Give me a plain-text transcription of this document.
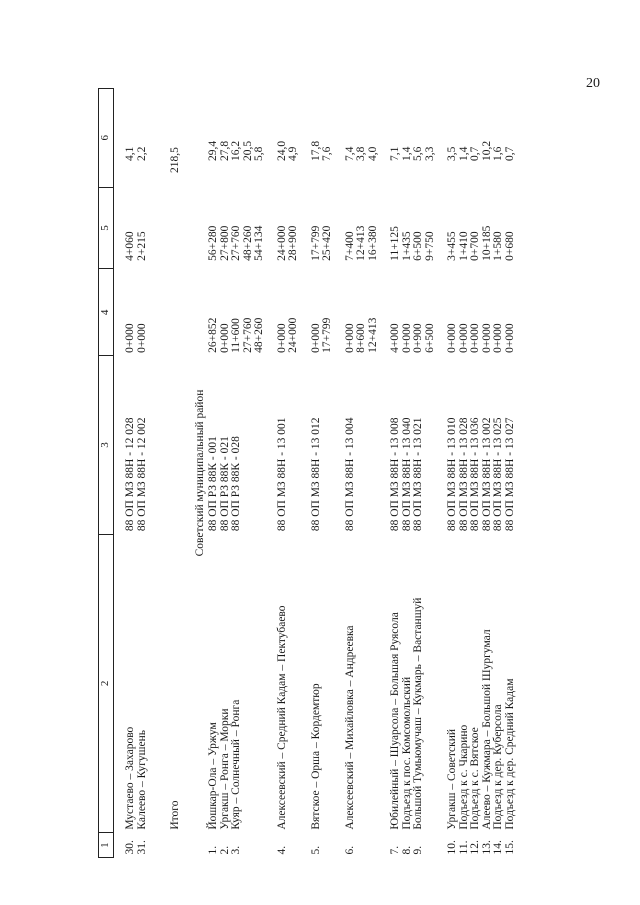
20
1	2	3	4	5	6

30.	Мустаево – Захарово	88 ОП МЗ 88Н - 12 028	0+000	4+060	4,1
31.	Калеево – Кугушень	88 ОП МЗ 88Н - 12 002	0+000	2+215	2,2

	Итого				218,5

Советский муниципальный район					
1.	Йошкар-Ола – Уржум	88 ОП РЗ 88К - 001	26+852	56+280	29,4
2.	Ургакш – Ронга – Морки	88 ОП РЗ 88К - 021	0+000	27+800	27,8
3.	Куяр – Солнечный – Ронга	88 ОП РЗ 88К - 028	11+600	27+760	16,2
			27+760	48+260	20,5
			48+260	54+134	5,8

4.	Алексеевский – Средний Кадам – Пектубаево	88 ОП МЗ 88Н - 13 001	0+000	24+000	24,0
			24+000	28+900	4,9

5.	Вятское – Орша – Кордемтюр	88 ОП МЗ 88Н - 13 012	0+000	17+799	17,8
			17+799	25+420	7,6

6.	Алексеевский – Михайловка – Андреевка	88 ОП МЗ 88Н - 13 004	0+000	7+400	7,4
			8+600	12+413	3,8
			12+413	16+380	4,0

7.	Юбилейный – Шуарсола – Большая Руясола	88 ОП МЗ 88Н - 13 008	4+000	11+125	7,1
8.	Подъезд к пос. Комсомольский	88 ОП МЗ 88Н - 13 040	0+000	1+435	1,4
9.	Большой Тумьюмучаш – Кукмарь – Вастаншуй	88 ОП МЗ 88Н - 13 021	0+900	6+500	5,6
			6+500	9+750	3,3

10.	Ургакш – Советский	88 ОП МЗ 88Н - 13 010	0+000	3+455	3,5
11.	Подъезд к с. Чкарино	88 ОП МЗ 88Н - 13 028	0+000	1+410	1,4
12.	Подъезд к с. Вятское	88 ОП МЗ 88Н - 13 036	0+000	0+700	0,7
13.	Алеево – Кужмара – Большой Шургумал	88 ОП МЗ 88Н - 13 002	0+000	10+185	10,2
14.	Подъезд к дер. Куберсола	88 ОП МЗ 88Н - 13 025	0+000	1+580	1,6
15.	Подъезд к дер. Средний Кадам	88 ОП МЗ 88Н - 13 027	0+000	0+680	0,7
